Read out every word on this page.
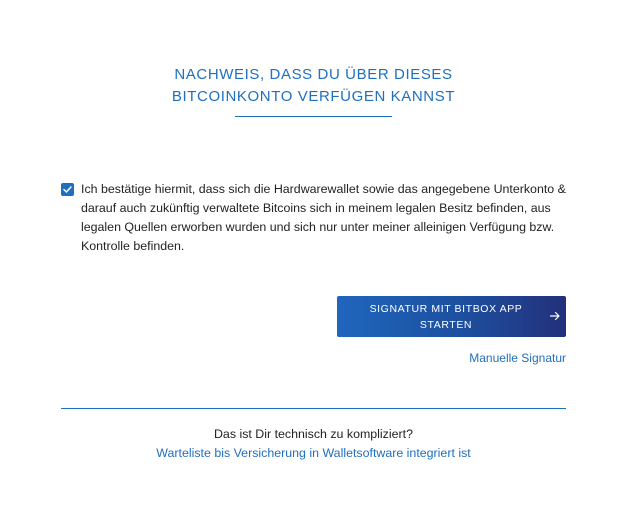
NACHWEIS, DASS DU ÜBER DIESES
BITCOINKONTO VERFÜGEN KANNST
Ich bestätige hiermit, dass sich die Hardwarewallet sowie das angegebene Unterkonto & darauf auch zukünftig verwaltete Bitcoins sich in meinem legalen Besitz befinden, aus legalen Quellen erworben wurden und sich nur unter meiner alleinigen Verfügung bzw. Kontrolle befinden.
SIGNATUR MIT BITBOX APP STARTEN
Manuelle Signatur
Das ist Dir technisch zu kompliziert?
Warteliste bis Versicherung in Walletsoftware integriert ist
